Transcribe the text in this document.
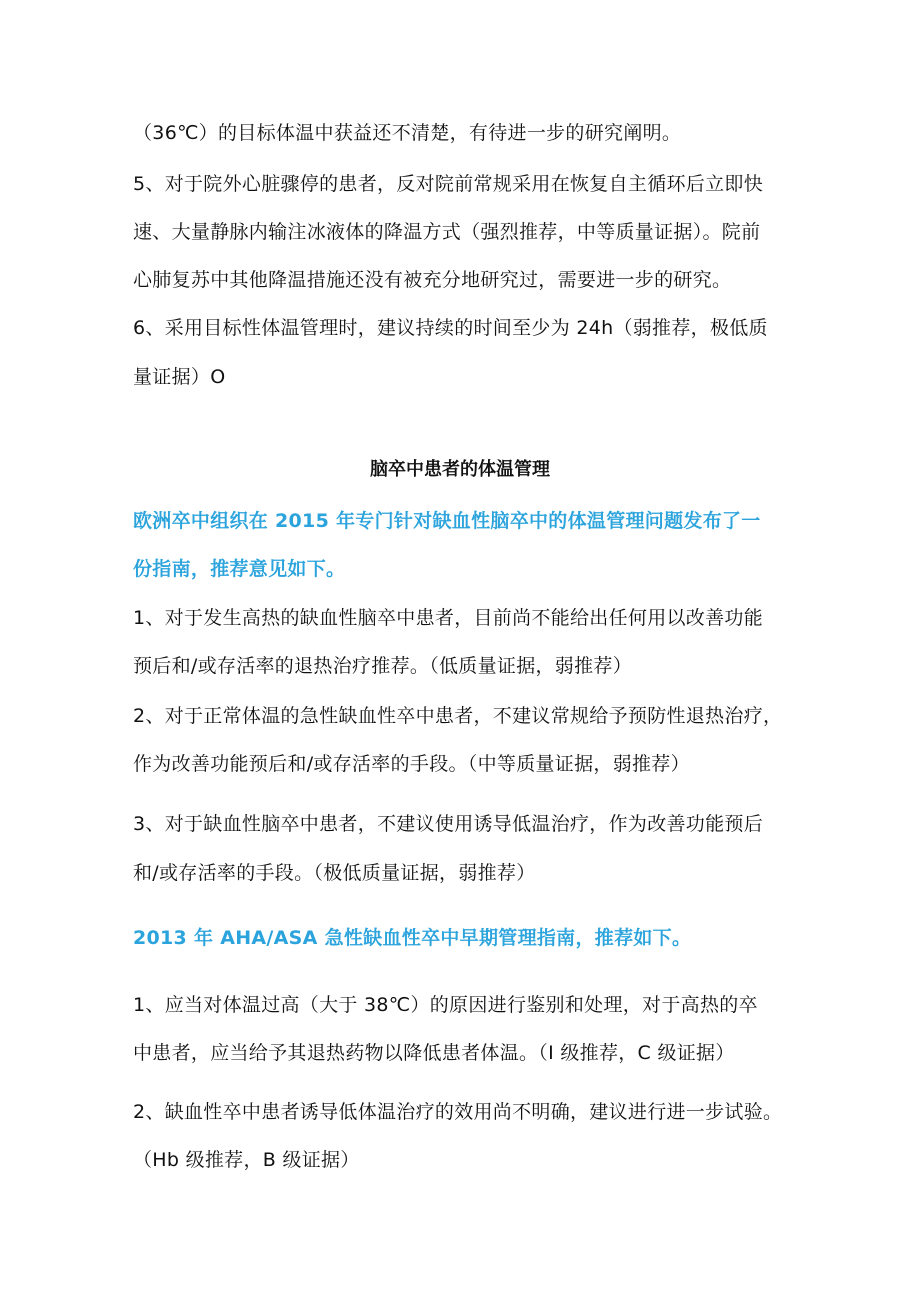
（36℃）的目标体温中获益还不清楚，有待进一步的研究阐明。
5、对于院外心脏骤停的患者，反对院前常规采用在恢复自主循环后立即快
速、大量静脉内输注冰液体的降温方式（强烈推荐，中等质量证据）。院前
心肺复苏中其他降温措施还没有被充分地研究过，需要进一步的研究。
6、采用目标性体温管理时，建议持续的时间至少为 24h（弱推荐，极低质
量证据）O
脑卒中患者的体温管理
欧洲卒中组织在 2015 年专门针对缺血性脑卒中的体温管理问题发布了一
份指南，推荐意见如下。
1、对于发生高热的缺血性脑卒中患者，目前尚不能给出任何用以改善功能
预后和/或存活率的退热治疗推荐。（低质量证据，弱推荐）
2、对于正常体温的急性缺血性卒中患者，不建议常规给予预防性退热治疗，
作为改善功能预后和/或存活率的手段。（中等质量证据，弱推荐）
3、对于缺血性脑卒中患者，不建议使用诱导低温治疗，作为改善功能预后
和/或存活率的手段。（极低质量证据，弱推荐）
2013 年 AHA/ASA 急性缺血性卒中早期管理指南，推荐如下。
1、应当对体温过高（大于 38℃）的原因进行鉴别和处理，对于高热的卒
中患者，应当给予其退热药物以降低患者体温。（I 级推荐，C 级证据）
2、缺血性卒中患者诱导低体温治疗的效用尚不明确，建议进行进一步试验。
（Hb 级推荐，B 级证据）
